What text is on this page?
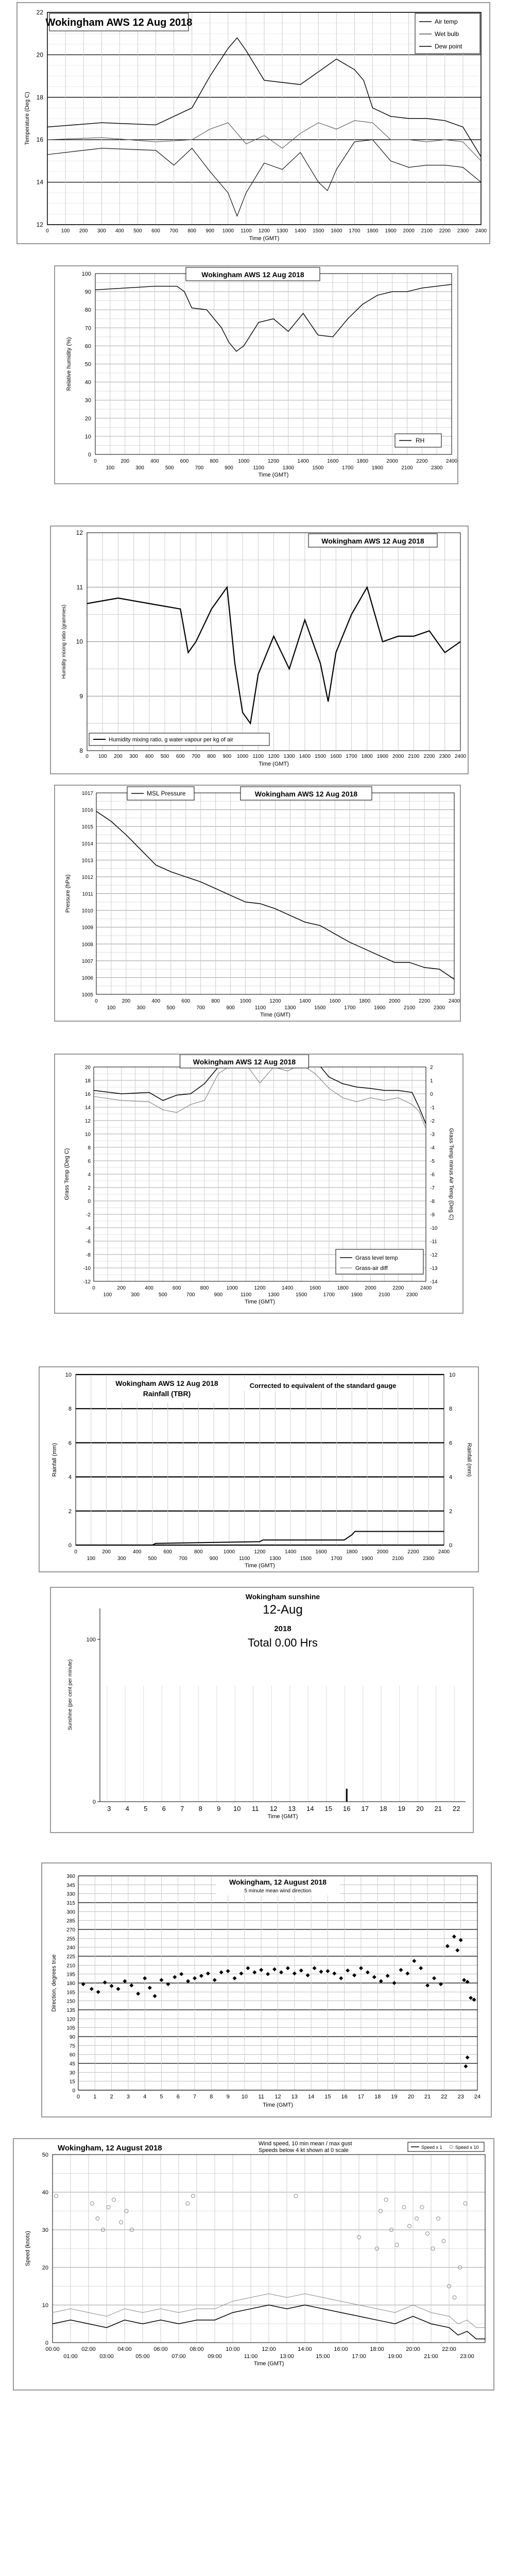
12
14
16
18
20
22
0 100 200 300 400 500 600 700 800 900 1000 1100 1200 1300 1400 1500 1600 1700 1800 1900 2000 2100 2200 2300 2400
Time (GMT)
Temperature (Deg C)
Wokingham AWS 12 Aug 2018	Air temp
Wet bulb
Dew point
0
10
20
30
40
50
60
70
80
90
100
0	200	400	600	800	1000	1200	1400	1600	1800	2000	2200	2400
100	300	500	700	900	1100	1300	1500	1700	1900	2100	2300
Time (GMT)
Relative humidity (%)
Wokingham AWS 12 Aug 2018
RH
8
9
10
11
12
0 100 200 300 400 500 600 700 800 900 1000 1100 1200 1300 1400 1500 1600 1700 1800 1900 2000 2100 2200 2300 2400
Time (GMT)
Humidity mixing ratio (grammes)
Wokingham AWS 12 Aug 2018
Humidity mixing ratio, g water vapour per kg of air
1005
1006
1007
1008
1009
1010
1011
1012
1013
1014
1015
1016
1017
0	200	400	600	800	1000	1200	1400	1600	1800	2000	2200	2400
100	300	500	700	900	1100	1300	1500	1700	1900	2100	2300
Time (GMT)
Pressure (hPa)
Wokingham AWS 12 Aug 2018
MSL Pressure
-12
-10
-8
-6
-4
-2
0
2
4
6
8
10
12
14
16
18
20
-14
-13
-12
-11
-10
-9
-8
-7
-6
-5
-4
-3
-2
-1
0
1
2
0	200	400	600	800	1000	1200	1400	1600	1800	2000	2200	2400
100	300	500	700	900	1100	1300	1500	1700	1900	2100	2300
Time (GMT)
Grass Temp (Deg C)	Grass Temp minus Air Temp (Deg C)
Wokingham AWS 12 Aug 2018
Grass level temp
Grass-air diff
0
2
4
6
8
10
0
2
4
6
8
10
0	200	400	600	800	1000	1200	1400	1600	1800	2000	2200	2400
100	300	500	700	900	1100	1300	1500	1700	1900	2100	2300
Time (GMT)
Rainfall (mm)	Rainfall (mm)
Wokingham AWS 12 Aug 2018
Rainfall (TBR)
Corrected to equivalent of the standard gauge
0
100
3 4 5 6 7 8 9 10 11 12 13 14 15 16 17 18 19 20 21 22
Time (GMT)
Sunshine (per cent per minute)
Wokingham sunshine
12-Aug
2018
Total 0.00 Hrs
0
15
30
45
60
75
90
105
120
135
150
165
180
195
210
225
240
255
270
285
300
315
330
345
360
0 1 2 3 4 5 6 7 8 9 10 11 12 13 14 15 16 17 18 19 20 21 22 23 24
Time (GMT)
Direction, degrees true
Wokingham, 12 August 2018
5 minute mean wind direction
0
10
20
30
40
50
00:00	02:00	04:00	06:00	08:00	10:00	12:00	14:00	16:00	18:00	20:00	22:00
01:00	03:00	05:00	07:00	09:00	11:00	13:00	15:00	17:00	19:00	21:00	23:00
Time (GMT)
Speed (knots)
Wokingham, 12 August 2018	Wind speed, 10 min mean / max gust
Speeds below 4 kt shown at 0 scale	Speed x 1	Speed x 10
